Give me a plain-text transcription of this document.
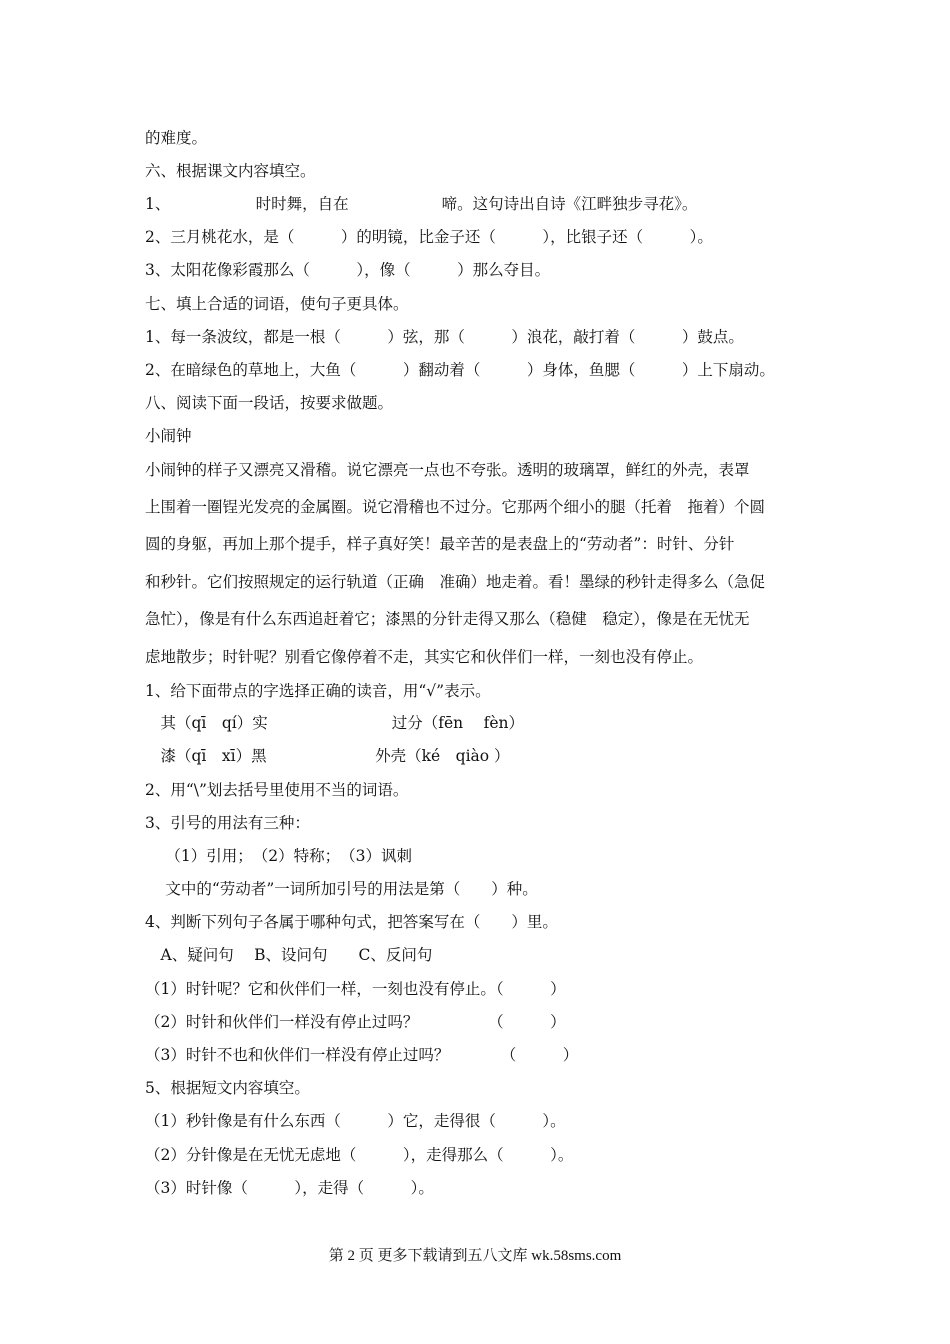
的难度。

六、根据课文内容填空。

1、　　　　　　时时舞，自在　　　　　　啼。这句诗出自诗《江畔独步寻花》。

2、三月桃花水，是（　　　）的明镜，比金子还（　　　），比银子还（　　　）。

3、太阳花像彩霞那么（　　　），像（　　　）那么夺目。

七、填上合适的词语，使句子更具体。

1、每一条波纹，都是一根（　　　）弦，那（　　　）浪花，敲打着（　　　）鼓点。

2、在暗绿色的草地上，大鱼（　　　）翻动着（　　　）身体，鱼腮（　　　）上下扇动。

八、阅读下面一段话，按要求做题。

小闹钟

小闹钟的样子又漂亮又滑稽。说它漂亮一点也不夸张。透明的玻璃罩，鲜红的外壳，表罩

上围着一圈锃光发亮的金属圈。说它滑稽也不过分。它那两个细小的腿（托着　拖着）个圆

圆的身躯，再加上那个提手，样子真好笑！最辛苦的是表盘上的“劳动者”：时针、分针

和秒针。它们按照规定的运行轨道（正确　准确）地走着。看！墨绿的秒针走得多么（急促

急忙），像是有什么东西追赶着它；漆黑的分针走得又那么（稳健　稳定），像是在无忧无

虑地散步；时针呢？别看它像停着不走，其实它和伙伴们一样，一刻也没有停止。

1、给下面带点的字选择正确的读音，用“√”表示。

　其（qī　qí）实　　　　　　　　过分（fēn　 fèn）

　漆（qī　xī）黑　　　　　　　外壳（ké　qiào ）

2、用“\”划去括号里使用不当的词语。

3、引号的用法有三种：

　 （1）引用；　（2）特称；　（3）讽刺

　 文中的“劳动者”一词所加引号的用法是第（　　）种。

4、判断下列句子各属于哪种句式，把答案写在（　　）里。

　A、疑问句　 B、设问句　　C、反问句

（1）时针呢？它和伙伴们一样，一刻也没有停止。（　　　）

（2）时针和伙伴们一样没有停止过吗？　　　　　（　　　）

（3）时针不也和伙伴们一样没有停止过吗？　　　 （　　　）

5、根据短文内容填空。

（1）秒针像是有什么东西（　　　）它，走得很（　　　）。

（2）分针像是在无忧无虑地（　　　），走得那么（　　　）。

（3）时针像（　　　），走得（　　　）。

第 2 页 更多下载请到五八文库 wk.58sms.com
